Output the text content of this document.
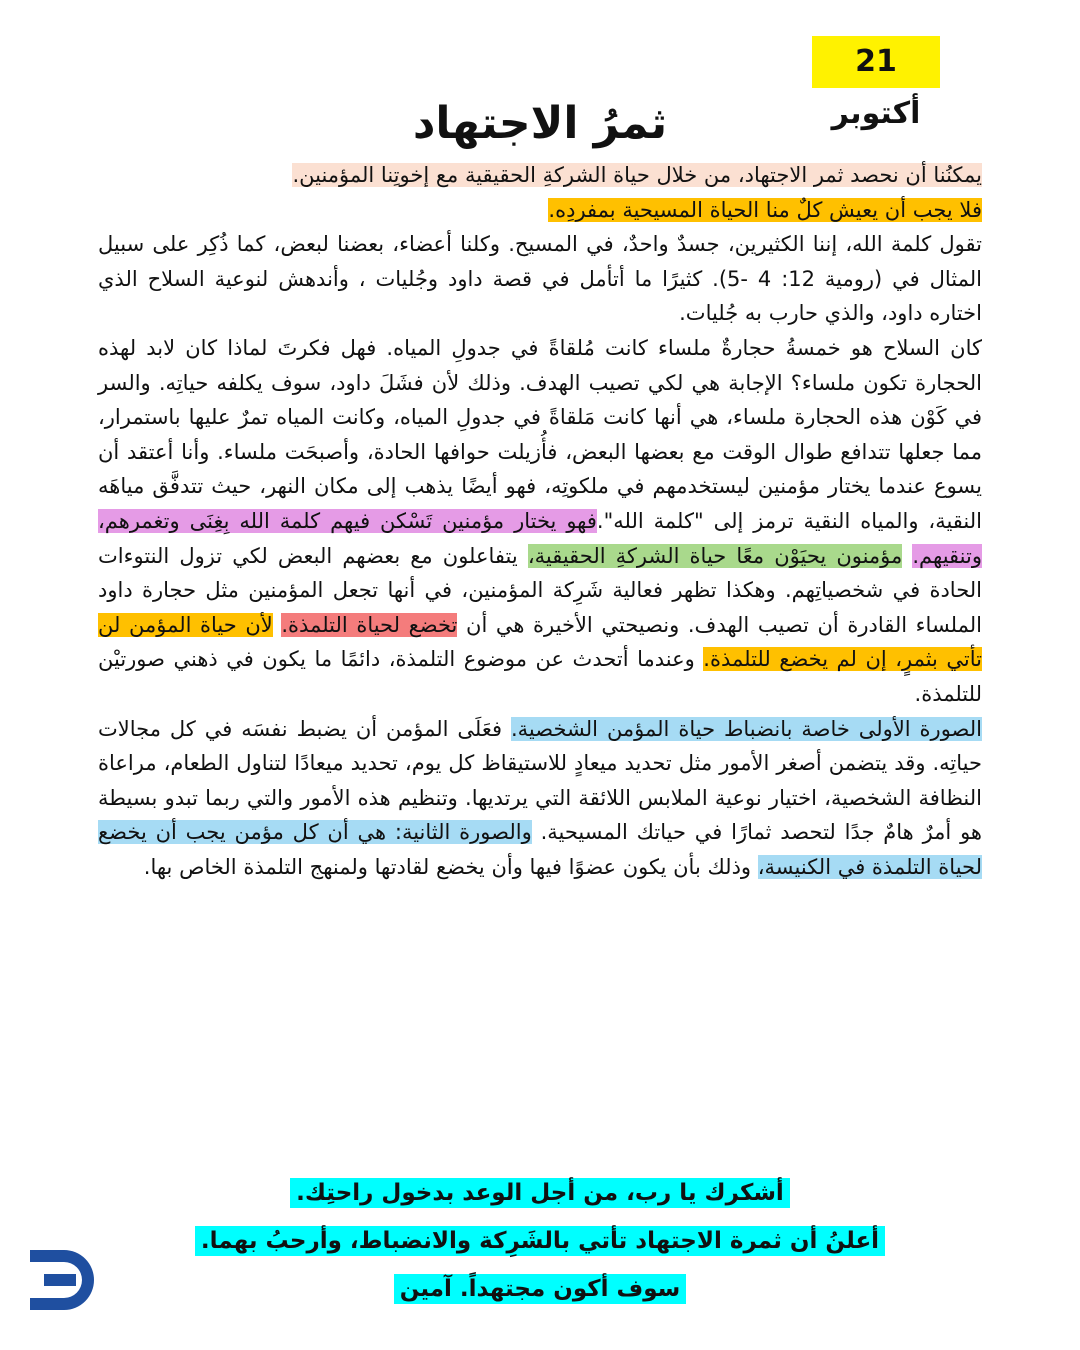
21 أكتوبر
ثمرُ الاجتهاد

يمكنُنا أن نحصد ثمر الاجتهاد، من خلال حياة الشركةِ الحقيقية مع إخوتِنا المؤمنين.

فلا يجب أن يعيش كلٌ منا الحياة المسيحية بمفردِه.

تقول كلمة الله، إننا الكثيرين، جسدٌ واحدٌ، في المسيح. وكلنا أعضاء، بعضنا لبعض، كما ذُكِر على سبيل المثال في (رومية 12: 4 -5). كثيرًا ما أتأمل في قصة داود وجُليات ، وأندهش لنوعية السلاح الذي اختاره داود، والذي حارب به جُليات.

كان السلاح هو خمسةُ حجارةٌ ملساء كانت مُلقاةً في جدولِ المياه. فهل فكرتَ لماذا كان لابد لهذه الحجارة تكون ملساء؟ الإجابة هي لكي تصيب الهدف. وذلك لأن فشَلَ داود، سوف يكلفه حياتِه. والسر في كَوْن هذه الحجارة ملساء، هي أنها كانت مَلقاةً في جدولِ المياه، وكانت المياه تمرٌ عليها باستمرار، مما جعلها تتدافع طوال الوقت مع بعضها البعض، فأُزيلت حوافها الحادة، وأصبحَت ملساء. وأنا أعتقد أن يسوع عندما يختار مؤمنين ليستخدمهم في ملكوتِه، فهو أيضًا يذهب إلى مكان النهر، حيث تتدفَّق مياهَه النقية، والمياه النقية ترمز إلى "كلمة الله".فهو يختار مؤمنين تَسْكن فيهم كلمة الله بِغِنَى وتغمرهم، وتنقيهم. مؤمنون يحيَوْن معًا حياة الشركةِ الحقيقية، يتفاعلون مع بعضهم البعض لكي تزول النتوءات الحادة في شخصياتِهم. وهكذا تظهر فعالية شَرِكة المؤمنين، في أنها تجعل المؤمنين مثل حجارة داود الملساء القادرة أن تصيب الهدف. ونصيحتي الأخيرة هي أن تخضع لحياة التلمذة. لأن حياة المؤمن لن تأتي بثمرٍ، إن لم يخضع للتلمذة. وعندما أتحدث عن موضوع التلمذة، دائمًا ما يكون في ذهني صورتيْن للتلمذة.

الصورة الأولى خاصة بانضباط حياة المؤمن الشخصية. فعَلَى المؤمن أن يضبط نفسَه في كل مجالات حياتِه. وقد يتضمن أصغر الأمور مثل تحديد ميعادٍ للاستيقاظ كل يوم، تحديد ميعادًا لتناول الطعام، مراعاة النظافة الشخصية، اختيار نوعية الملابس اللائقة التي يرتديها. وتنظيم هذه الأمور والتي ربما تبدو بسيطة هو أمرٌ هامٌ جدًا لتحصد ثمارًا في حياتك المسيحية. والصورة الثانية: هي أن كل مؤمن يجب أن يخضع لحياة التلمذة في الكنيسة، وذلك بأن يكون عضوًا فيها وأن يخضع لقادتها ولمنهج التلمذة الخاص بها.

أشكرك يا رب، من أجل الوعد بدخول راحتِك.
أعلنُ أن ثمرة الاجتهاد تأتي بالشَرِكة والانضباط، وأرحبُ بهما.
سوف أكون مجتهداً. آمين
